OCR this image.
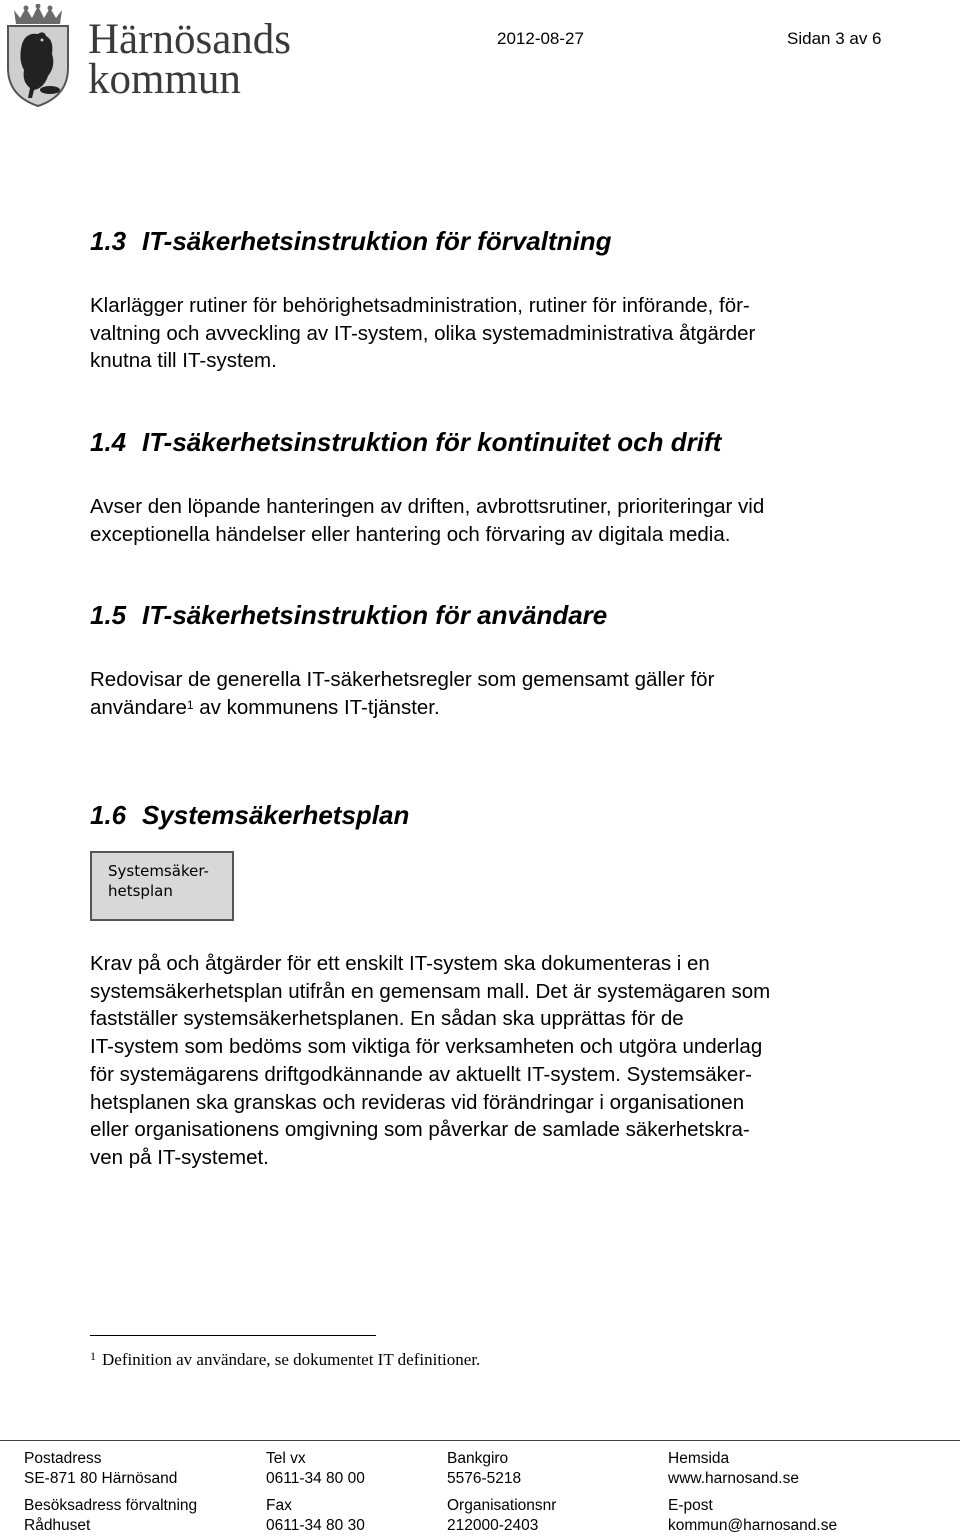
Härnösands
kommun
2012-08-27	Sidan 3 av 6
1.3 IT-säkerhetsinstruktion för förvaltning
Klarlägger rutiner för behörighetsadministration, rutiner för införande, för-
valtning och avveckling av IT-system, olika systemadministrativa åtgärder
knutna till IT-system.
1.4 IT-säkerhetsinstruktion för kontinuitet och drift
Avser den löpande hanteringen av driften, avbrottsrutiner, prioriteringar vid
exceptionella händelser eller hantering och förvaring av digitala media.
1.5 IT-säkerhetsinstruktion för användare
Redovisar de generella IT-säkerhetsregler som gemensamt gäller för
användare$^1$ av kommunens IT-tjänster.
1.6 Systemsäkerhetsplan
Systemsäker-
hetsplan
Krav på och åtgärder för ett enskilt IT-system ska dokumenteras i en
systemsäkerhetsplan utifrån en gemensam mall. Det är systemägaren som
fastställer systemsäkerhetsplanen. En sådan ska upprättas för de
IT-system som bedöms som viktiga för verksamheten och utgöra underlag
för systemägarens driftgodkännande av aktuellt IT-system. Systemsäker-
hetsplanen ska granskas och revideras vid förändringar i organisationen
eller organisationens omgivning som påverkar de samlade säkerhetskra-
ven på IT-systemet.
$^1$ Definition av användare, se dokumentet IT definitioner.
Postadress
SE-871 80 Härnösand
Besöksadress förvaltning
Rådhuset
Tel vx
0611-34 80 00
Fax
0611-34 80 30
Bankgiro
5576-5218
Organisationsnr
212000-2403
Hemsida
www.harnosand.se
E-post
kommun@harnosand.se
